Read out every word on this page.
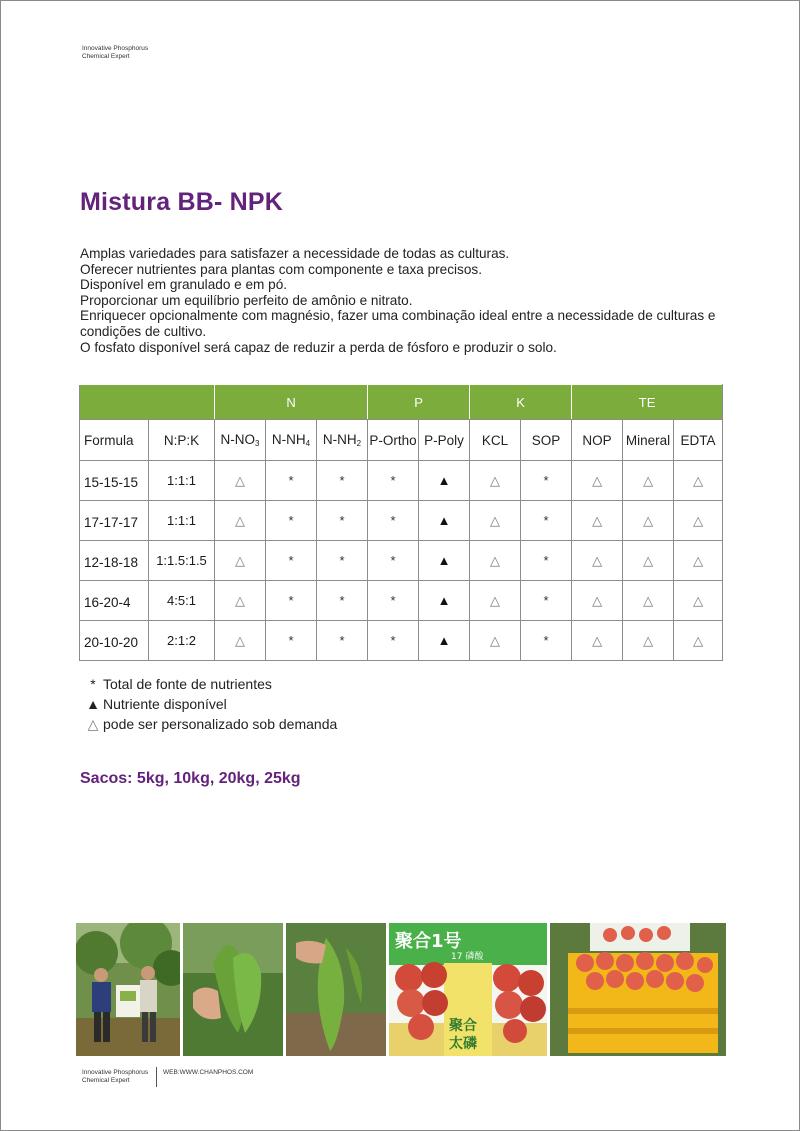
Innovative Phosphorus
Chemical Expert
Mistura BB- NPK

Amplas variedades para satisfazer a necessidade de todas as culturas.

Oferecer nutrientes para plantas com componente e taxa precisos.

Disponível em granulado e em pó.

Proporcionar um equilíbrio perfeito de amônio e nitrato.

Enriquecer opcionalmente com magnésio, fazer uma combinação ideal entre a necessidade de culturas e condições de cultivo.

O fosfato disponível será capaz de reduzir a perda de fósforo e produzir o solo.

		N			P		K		TE		
Formula	N:P:K	$N-NO_3$	$N-NH_4$	$N-NH_2$	P-Ortho	P-Poly	KCL	SOP	NOP	Mineral	EDTA
15-15-15	1:1:1	△	*	*	*	▲	△	*	△	△	△
17-17-17	1:1:1	△	*	*	*	▲	△	*	△	△	△
12-18-18	1:1.5:1.5	△	*	*	*	▲	△	*	△	△	△
16-20-4	4:5:1	△	*	*	*	▲	△	*	△	△	△
20-10-20	2:1:2	△	*	*	*	▲	△	*	△	△	△
* Total de fonte de nutrientes
▲ Nutriente disponível
△ pode ser personalizado sob demanda
Sacos: 5kg, 10kg, 20kg, 25kg
聚合1号
17 磷酸
聚合
太磷
Innovative Phosphorus
Chemical Expert
WEB:WWW.CHANPHOS.COM
